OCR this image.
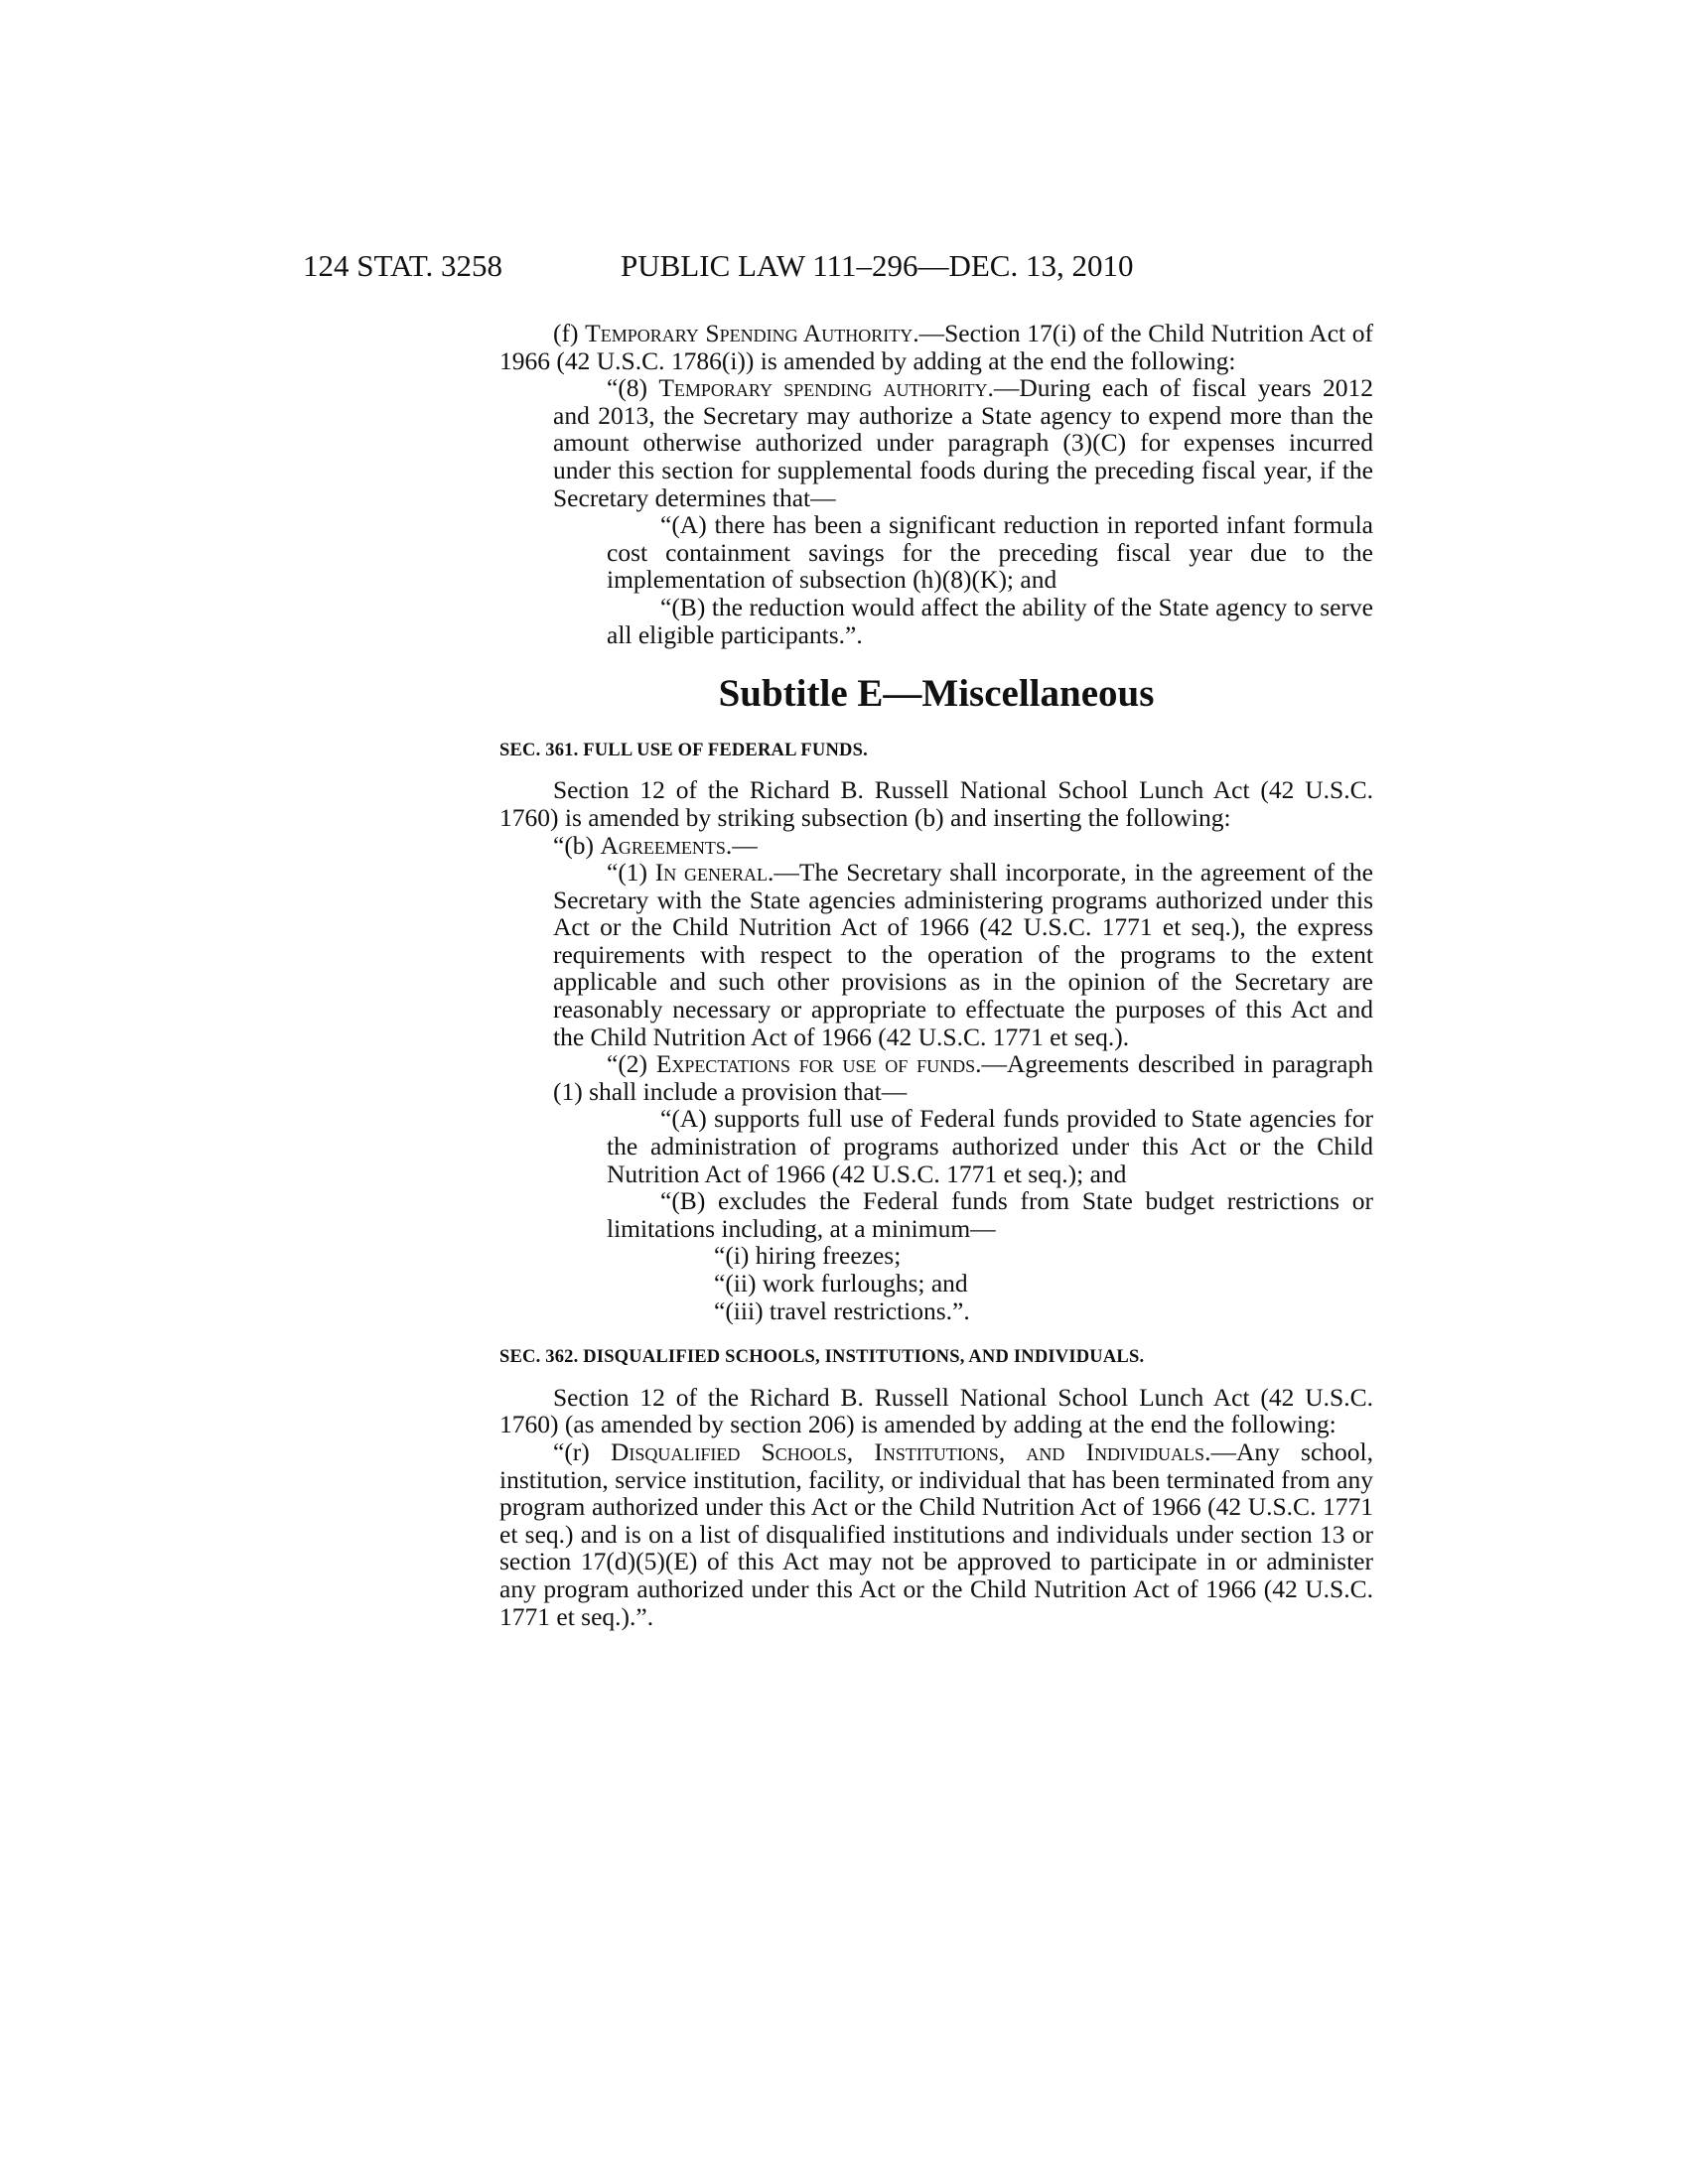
124 STAT. 3258	PUBLIC LAW 111–296—DEC. 13, 2010

(f) Temporary Spending Authority.—Section 17(i) of the Child Nutrition Act of 1966 (42 U.S.C. 1786(i)) is amended by adding at the end the following:

“(8) Temporary spending authority.—During each of fiscal years 2012 and 2013, the Secretary may authorize a State agency to expend more than the amount otherwise authorized under paragraph (3)(C) for expenses incurred under this section for supplemental foods during the preceding fiscal year, if the Secretary determines that—

“(A) there has been a significant reduction in reported infant formula cost containment savings for the preceding fiscal year due to the implementation of subsection (h)(8)(K); and

“(B) the reduction would affect the ability of the State agency to serve all eligible participants.”.

Subtitle E—Miscellaneous
SEC. 361. FULL USE OF FEDERAL FUNDS.

Section 12 of the Richard B. Russell National School Lunch Act (42 U.S.C. 1760) is amended by striking subsection (b) and inserting the following:

“(b) Agreements.—

“(1) In general.—The Secretary shall incorporate, in the agreement of the Secretary with the State agencies administering programs authorized under this Act or the Child Nutrition Act of 1966 (42 U.S.C. 1771 et seq.), the express requirements with respect to the operation of the programs to the extent applicable and such other provisions as in the opinion of the Secretary are reasonably necessary or appropriate to effectuate the purposes of this Act and the Child Nutrition Act of 1966 (42 U.S.C. 1771 et seq.).

“(2) Expectations for use of funds.—Agreements described in paragraph (1) shall include a provision that—

“(A) supports full use of Federal funds provided to State agencies for the administration of programs authorized under this Act or the Child Nutrition Act of 1966 (42 U.S.C. 1771 et seq.); and

“(B) excludes the Federal funds from State budget restrictions or limitations including, at a minimum—

“(i) hiring freezes;

“(ii) work furloughs; and

“(iii) travel restrictions.”.

SEC. 362. DISQUALIFIED SCHOOLS, INSTITUTIONS, AND INDIVIDUALS.

Section 12 of the Richard B. Russell National School Lunch Act (42 U.S.C. 1760) (as amended by section 206) is amended by adding at the end the following:

“(r) Disqualified Schools, Institutions, and Individuals.—Any school, institution, service institution, facility, or individual that has been terminated from any program authorized under this Act or the Child Nutrition Act of 1966 (42 U.S.C. 1771 et seq.) and is on a list of disqualified institutions and individuals under section 13 or section 17(d)(5)(E) of this Act may not be approved to participate in or administer any program authorized under this Act or the Child Nutrition Act of 1966 (42 U.S.C. 1771 et seq.).”.
